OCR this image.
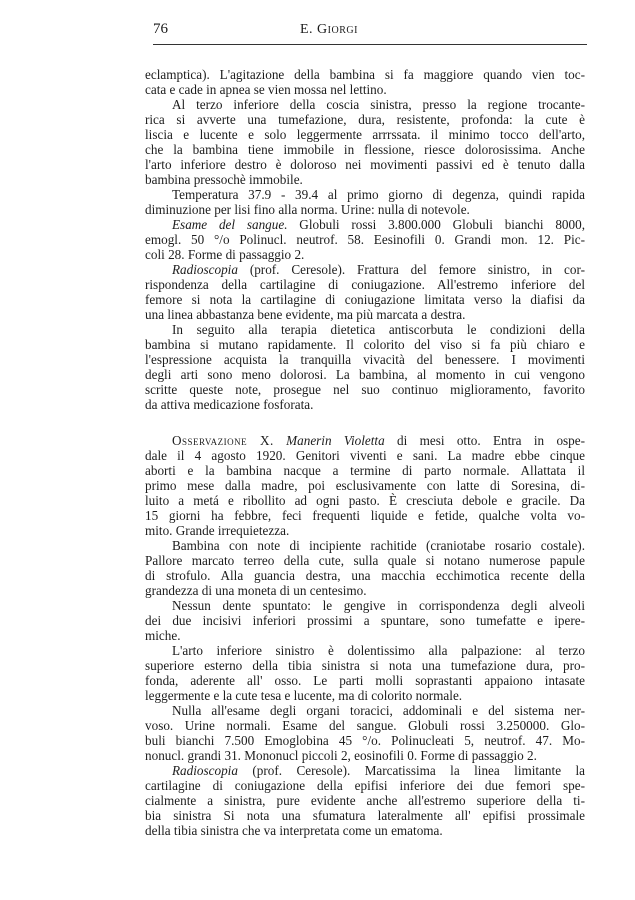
76	E. Giorgi
eclamptica). L'agitazione della bambina si fa maggiore quando vien toc-
cata e cade in apnea se vien mossa nel lettino.
Al terzo inferiore della coscia sinistra, presso la regione trocante-
rica si avverte una tumefazione, dura, resistente, profonda: la cute è
liscia e lucente e solo leggermente arrrssata. il minimo tocco dell'arto,
che la bambina tiene immobile in flessione, riesce dolorosissima. Anche
l'arto inferiore destro è doloroso nei movimenti passivi ed è tenuto dalla
bambina pressochè immobile.
Temperatura 37.9 - 39.4 al primo giorno di degenza, quindi rapida
diminuzione per lisi fino alla norma. Urine: nulla di notevole.
Esame del sangue. Globuli rossi 3.800.000 Globuli bianchi 8000,
emogl. 50 °/o Polinucl. neutrof. 58. Eesinofili 0. Grandi mon. 12. Pic-
coli 28. Forme di passaggio 2.
Radioscopia (prof. Ceresole). Frattura del femore sinistro, in cor-
rispondenza della cartilagine di coniugazione. All'estremo inferiore del
femore si nota la cartilagine di coniugazione limitata verso la diafisi da
una linea abbastanza bene evidente, ma più marcata a destra.
In seguito alla terapia dietetica antiscorbuta le condizioni della
bambina si mutano rapidamente. Il colorito del viso si fa più chiaro e
l'espressione acquista la tranquilla vivacità del benessere. I movimenti
degli arti sono meno dolorosi. La bambina, al momento in cui vengono
scritte queste note, prosegue nel suo continuo miglioramento, favorito
da attiva medicazione fosforata.
Osservazione X. Manerin Violetta di mesi otto. Entra in ospe-
dale il 4 agosto 1920. Genitori viventi e sani. La madre ebbe cinque
aborti e la bambina nacque a termine di parto normale. Allattata il
primo mese dalla madre, poi esclusivamente con latte di Soresina, di-
luito a metá e ribollito ad ogni pasto. È cresciuta debole e gracile. Da
15 giorni ha febbre, feci frequenti liquide e fetide, qualche volta vo-
mito. Grande irrequietezza.
Bambina con note di incipiente rachitide (craniotabe rosario costale).
Pallore marcato terreo della cute, sulla quale si notano numerose papule
di strofulo. Alla guancia destra, una macchia ecchimotica recente della
grandezza di una moneta di un centesimo.
Nessun dente spuntato: le gengive in corrispondenza degli alveoli
dei due incisivi inferiori prossimi a spuntare, sono tumefatte e ipere-
miche.
L'arto inferiore sinistro è dolentissimo alla palpazione: al terzo
superiore esterno della tibia sinistra si nota una tumefazione dura, pro-
fonda, aderente all' osso. Le parti molli soprastanti appaiono intasate
leggermente e la cute tesa e lucente, ma di colorito normale.
Nulla all'esame degli organi toracici, addominali e del sistema ner-
voso. Urine normali. Esame del sangue. Globuli rossi 3.250000. Glo-
buli bianchi 7.500 Emoglobina 45 °/o. Polinucleati 5, neutrof. 47. Mo-
nonucl. grandi 31. Mononucl piccoli 2, eosinofili 0. Forme di passaggio 2.
Radioscopia (prof. Ceresole). Marcatissima la linea limitante la
cartilagine di coniugazione della epifisi inferiore dei due femori spe-
cialmente a sinistra, pure evidente anche all'estremo superiore della ti-
bia sinistra Si nota una sfumatura lateralmente all' epifisi prossimale
della tibia sinistra che va interpretata come un ematoma.
